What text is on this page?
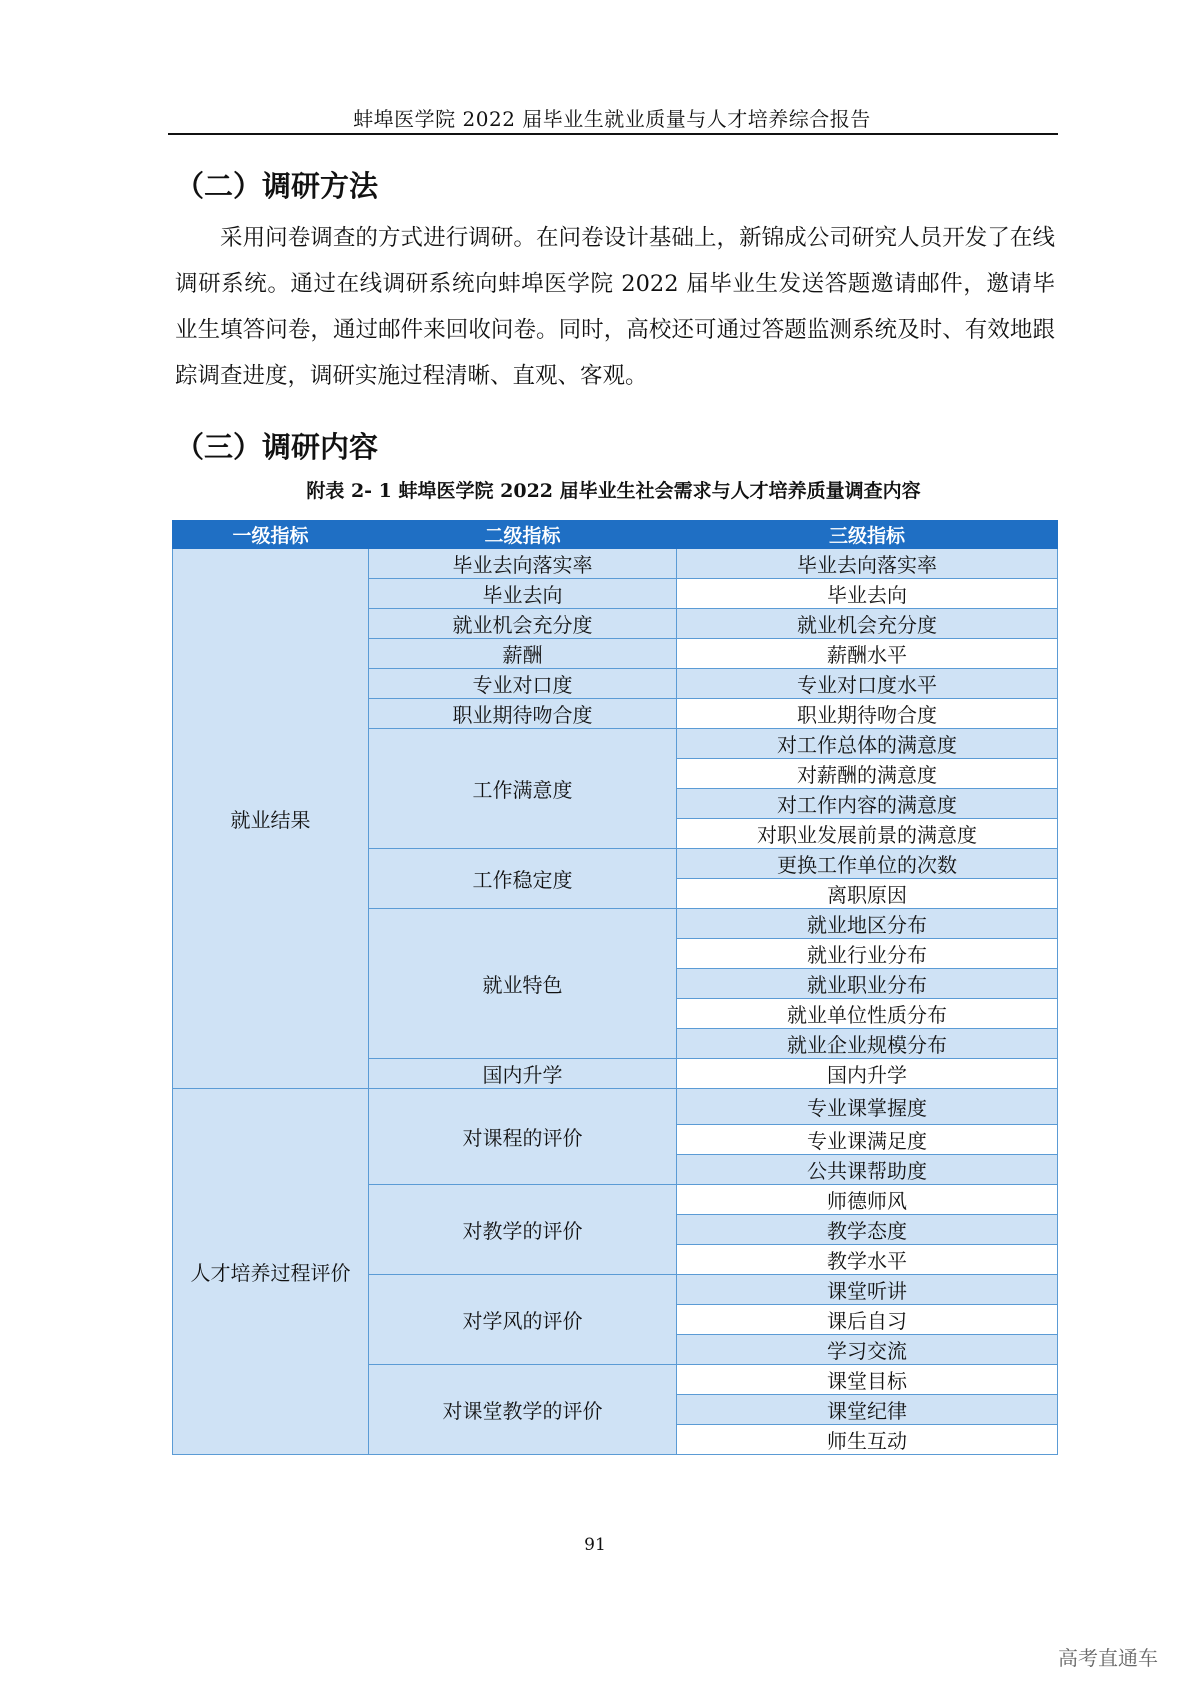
蚌埠医学院 2022 届毕业生就业质量与人才培养综合报告
（二）调研方法
采用问卷调查的方式进行调研。在问卷设计基础上，新锦成公司研究人员开发了在线调研系统。通过在线调研系统向蚌埠医学院 2022 届毕业生发送答题邀请邮件，邀请毕业生填答问卷，通过邮件来回收问卷。同时，高校还可通过答题监测系统及时、有效地跟踪调查进度，调研实施过程清晰、直观、客观。
（三）调研内容
附表 2- 1 蚌埠医学院 2022 届毕业生社会需求与人才培养质量调查内容
一级指标	二级指标	三级指标
就业结果	毕业去向落实率	毕业去向落实率
	毕业去向	毕业去向
	就业机会充分度	就业机会充分度
	薪酬	薪酬水平
	专业对口度	专业对口度水平
	职业期待吻合度	职业期待吻合度
	工作满意度	对工作总体的满意度
		对薪酬的满意度
		对工作内容的满意度
		对职业发展前景的满意度
	工作稳定度	更换工作单位的次数
		离职原因
	就业特色	就业地区分布
		就业行业分布
		就业职业分布
		就业单位性质分布
		就业企业规模分布
	国内升学	国内升学
人才培养过程评价	对课程的评价	专业课掌握度
		专业课满足度
		公共课帮助度
	对教学的评价	师德师风
		教学态度
		教学水平
	对学风的评价	课堂听讲
		课后自习
		学习交流
	对课堂教学的评价	课堂目标
		课堂纪律
		师生互动
91
高考直通车
